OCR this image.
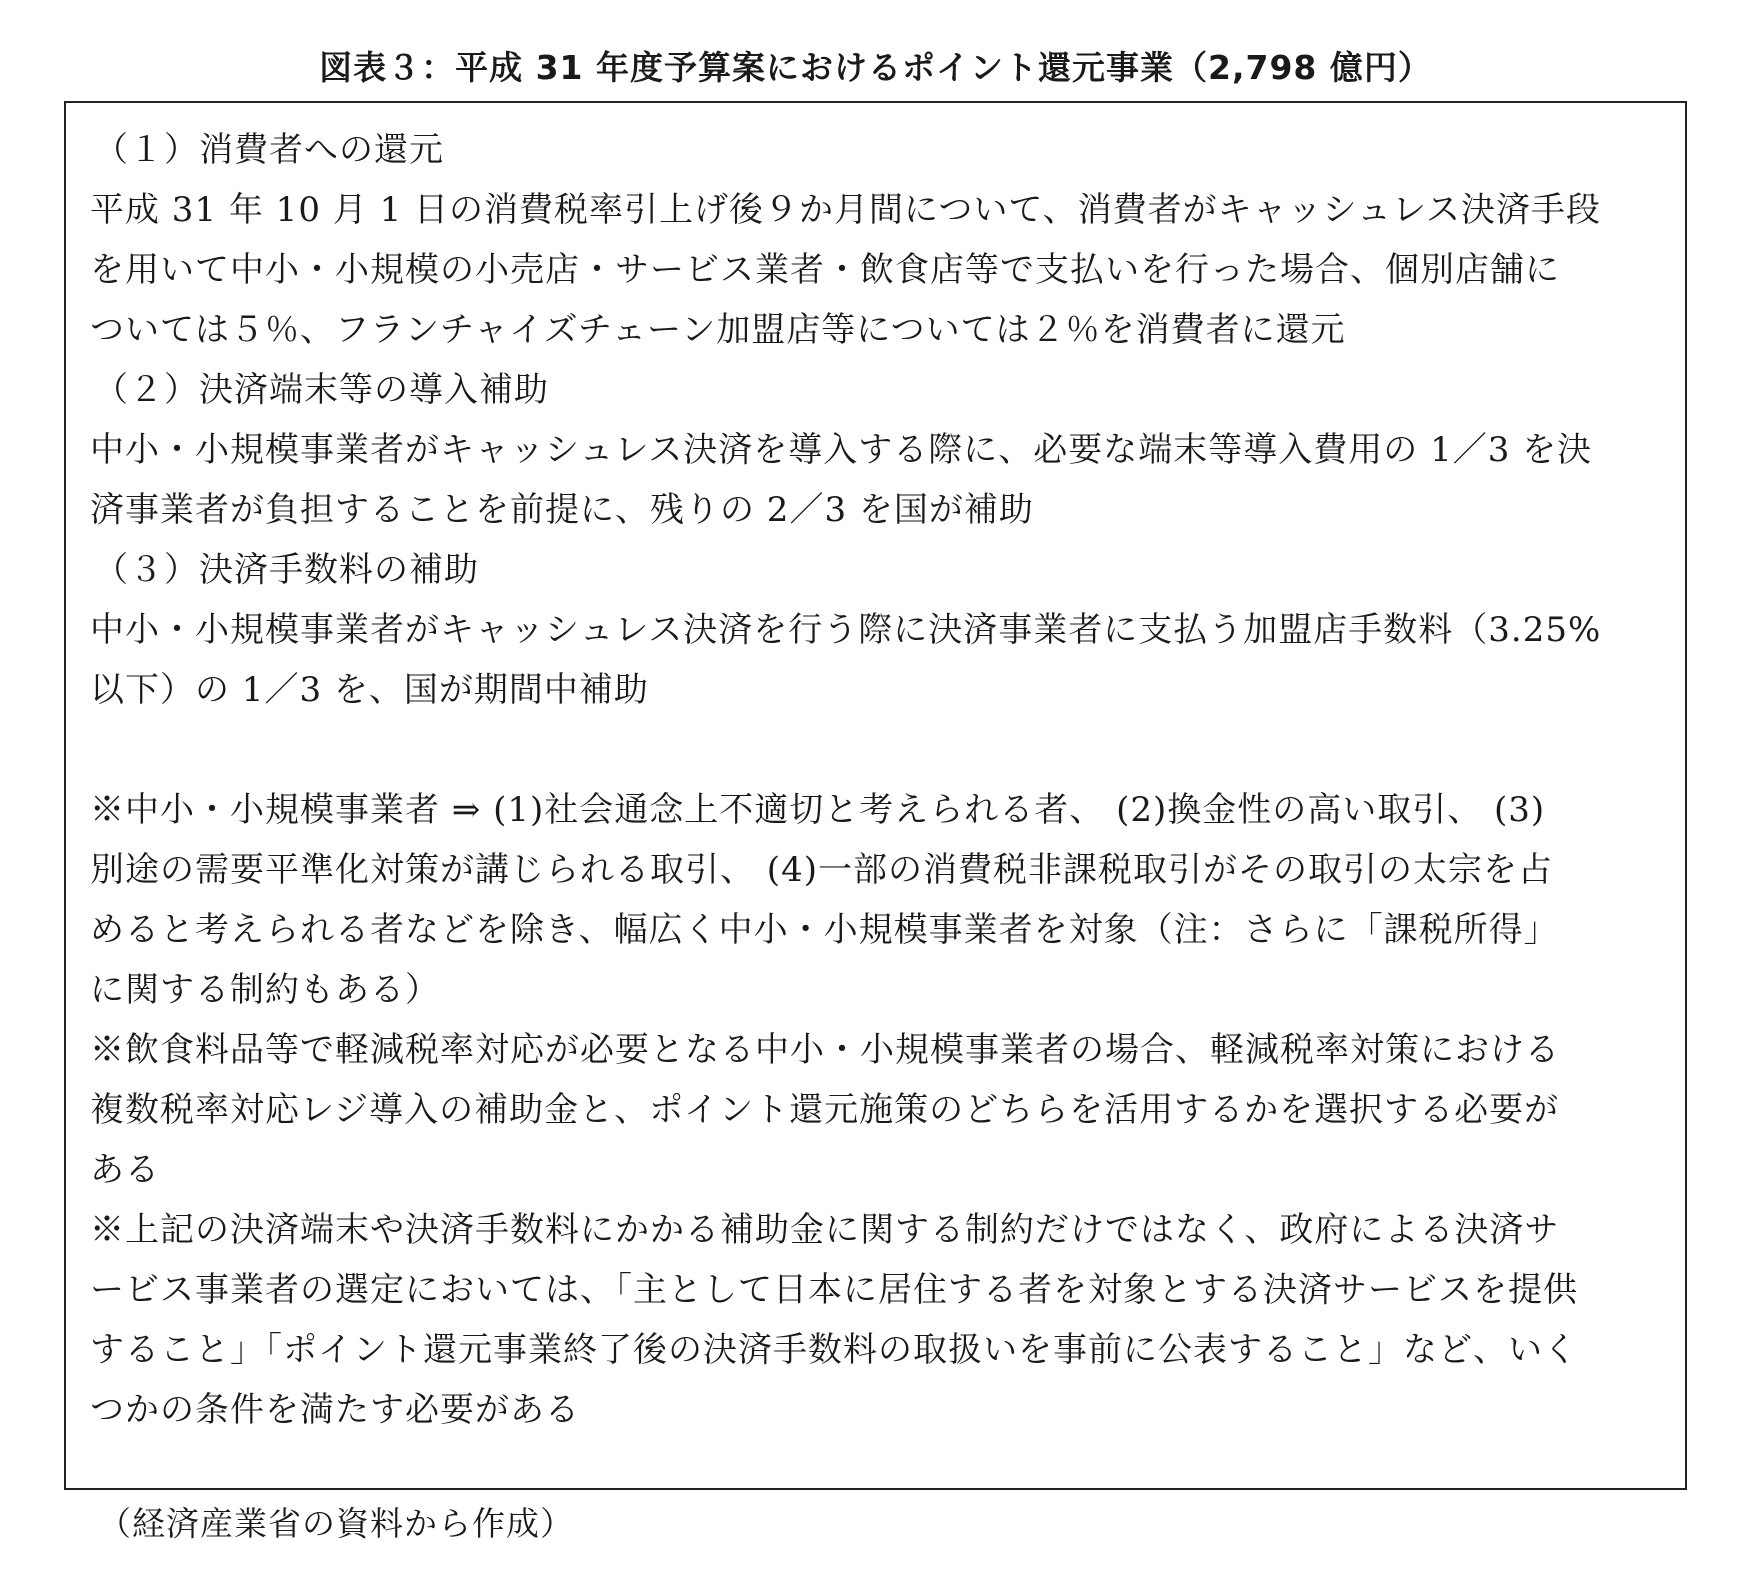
図表３：平成 31 年度予算案におけるポイント還元事業（2,798 億円）
（１）消費者への還元
平成 31 年 10 月 1 日の消費税率引上げ後９か月間について、消費者がキャッシュレス決済手段
を用いて中小・小規模の小売店・サービス業者・飲食店等で支払いを行った場合、個別店舗に
ついては５％、フランチャイズチェーン加盟店等については２％を消費者に還元
（２）決済端末等の導入補助
中小・小規模事業者がキャッシュレス決済を導入する際に、必要な端末等導入費用の 1／3 を決
済事業者が負担することを前提に、残りの 2／3 を国が補助
（３）決済手数料の補助
中小・小規模事業者がキャッシュレス決済を行う際に決済事業者に支払う加盟店手数料（3.25%
以下）の 1／3 を、国が期間中補助
※中小・小規模事業者 ⇒ (1)社会通念上不適切と考えられる者、 (2)換金性の高い取引、 (3)
別途の需要平準化対策が講じられる取引、 (4)一部の消費税非課税取引がその取引の太宗を占
めると考えられる者などを除き、幅広く中小・小規模事業者を対象（注：さらに「課税所得」
に関する制約もある）
※飲食料品等で軽減税率対応が必要となる中小・小規模事業者の場合、軽減税率対策における
複数税率対応レジ導入の補助金と、ポイント還元施策のどちらを活用するかを選択する必要が
ある
※上記の決済端末や決済手数料にかかる補助金に関する制約だけではなく、政府による決済サ
ービス事業者の選定においては、「主として日本に居住する者を対象とする決済サービスを提供
すること」「ポイント還元事業終了後の決済手数料の取扱いを事前に公表すること」など、いく
つかの条件を満たす必要がある
（経済産業省の資料から作成）
